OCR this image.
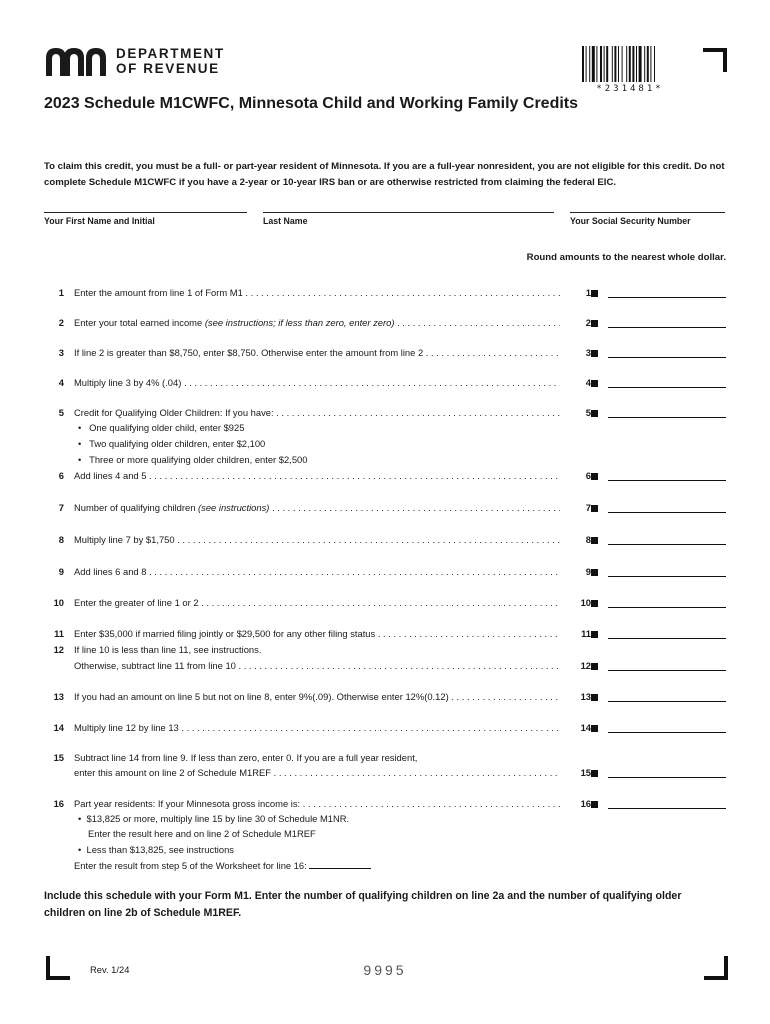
DEPARTMENT
OF REVENUE
*231481*
2023 Schedule M1CWFC, Minnesota Child and Working Family Credits
To claim this credit, you must be a full- or part-year resident of Minnesota. If you are a full-year nonresident, you are not eligible for this credit. Do not complete Schedule M1CWFC if you have a 2-year or 10-year IRS ban or are otherwise restricted from claiming the federal EIC.
Your First Name and Initial	Last Name	Your Social Security Number
Round amounts to the nearest whole dollar.
1 Enter the amount from line 1 of Form M1 . . .	1
2 Enter your total earned income (see instructions; if less than zero, enter zero) . . .	2
3 If line 2 is greater than $8,750, enter $8,750. Otherwise enter the amount from line 2 . . .	3
4 Multiply line 3 by 4% (.04) . . .	4
5 Credit for Qualifying Older Children: If you have: . . .	5
•   One qualifying older child, enter $925
•   Two qualifying older children, enter $2,100
•   Three or more qualifying older children, enter $2,500
6 Add lines 4 and 5 . . .	6
7 Number of qualifying children (see instructions) . . .	7
8 Multiply line 7 by $1,750 . . .	8
9 Add lines 6 and 8 . . .	9
10 Enter the greater of line 1 or 2 . . .	10
11 Enter $35,000 if married filing jointly or $29,500 for any other filing status . . .	11
12 If line 10 is less than line 11, see instructions.
Otherwise, subtract line 11 from line 10 . . .	12
13 If you had an amount on line 5 but not on line 8, enter 9%(.09). Otherwise enter 12%(0.12) . . .	13
14 Multiply line 12 by line 13 . . .	14
15 Subtract line 14 from line 9. If less than zero, enter 0. If you are a full year resident,
enter this amount on line 2 of Schedule M1REF . . .	15
16 Part year residents: If your Minnesota gross income is: . . .	16
•  $13,825 or more, multiply line 15 by line 30 of Schedule M1NR.
Enter the result here and on line 2 of Schedule M1REF
•  Less than $13,825, see instructions
Enter the result from step 5 of the Worksheet for line 16:
Include this schedule with your Form M1. Enter the number of qualifying children on line 2a and the number of qualifying older children on line 2b of Schedule M1REF.
Rev. 1/24	9995
